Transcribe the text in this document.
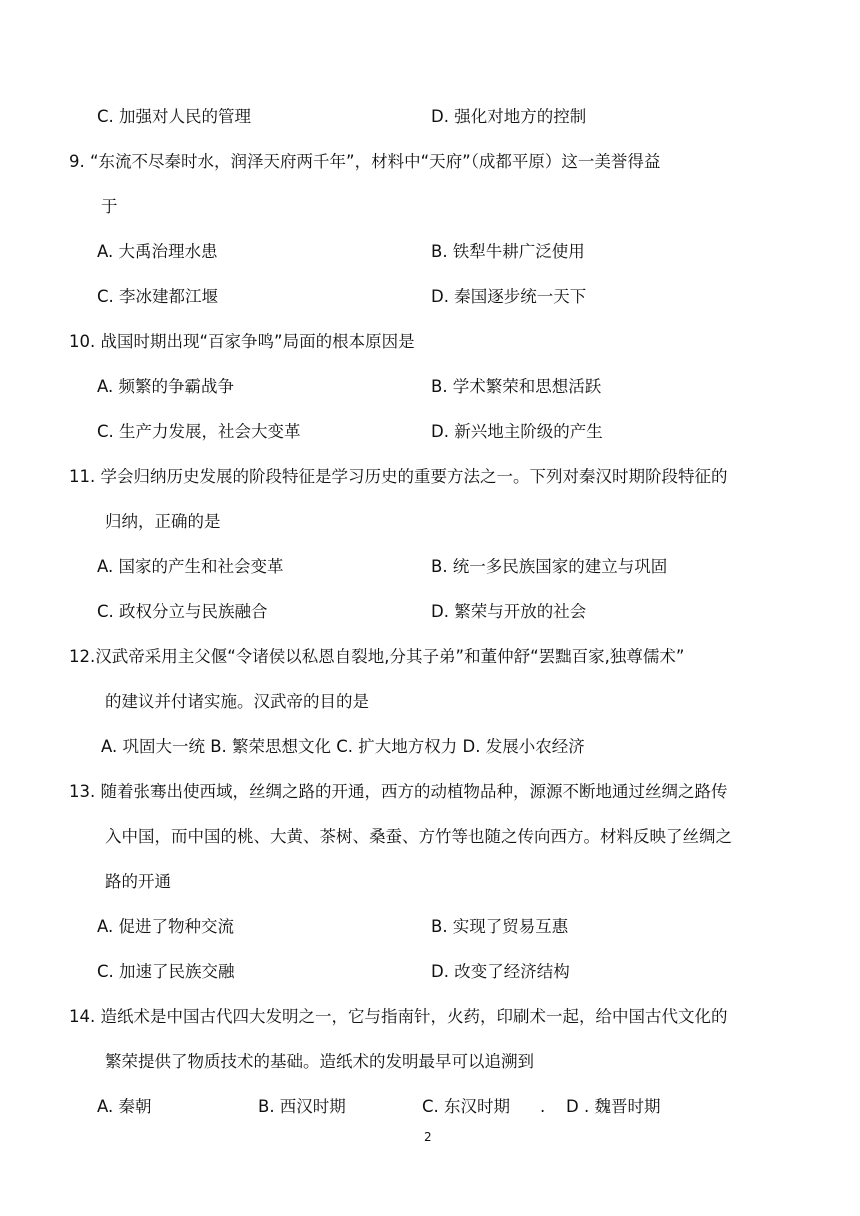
C. 加强对人民的管理	D. 强化对地方的控制
9. “东流不尽秦时水，润泽天府两千年”，材料中“天府”（成都平原）这一美誉得益
于
A. 大禹治理水患	B. 铁犁牛耕广泛使用
C. 李冰建都江堰	D. 秦国逐步统一天下
10. 战国时期出现“百家争鸣”局面的根本原因是
A. 频繁的争霸战争	B. 学术繁荣和思想活跃
C. 生产力发展，社会大变革	D. 新兴地主阶级的产生
11. 学会归纳历史发展的阶段特征是学习历史的重要方法之一。下列对秦汉时期阶段特征的
归纳，正确的是
A. 国家的产生和社会变革	B. 统一多民族国家的建立与巩固
C. 政权分立与民族融合	D. 繁荣与开放的社会
12.汉武帝采用主父偃“令诸侯以私恩自裂地,分其子弟”和董仲舒“罢黜百家,独尊儒术”
的建议并付诸实施。汉武帝的目的是
A. 巩固大一统 B. 繁荣思想文化 C. 扩大地方权力 D. 发展小农经济
13. 随着张骞出使西域，丝绸之路的开通，西方的动植物品种，源源不断地通过丝绸之路传
入中国，而中国的桃、大黄、茶树、桑蚕、方竹等也随之传向西方。材料反映了丝绸之
路的开通
A. 促进了物种交流	B. 实现了贸易互惠
C. 加速了民族交融	D. 改变了经济结构
14. 造纸术是中国古代四大发明之一，它与指南针，火药，印刷术一起，给中国古代文化的
繁荣提供了物质技术的基础。造纸术的发明最早可以追溯到
A. 秦朝	B. 西汉时期	C. 东汉时期 . D . 魏晋时期
2
